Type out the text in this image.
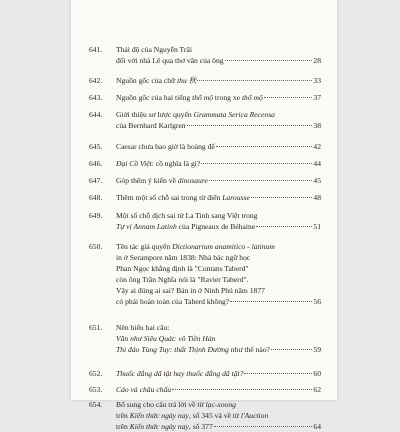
641. Thái độ của Nguyễn Trãi
đối với nhà Lê qua thơ văn của ông	28
642. Nguồn gốc của chữ thu 秋	33
643. Nguồn gốc của hai tiếng thổ mộ trong xe thổ mộ	37
644. Giới thiệu sơ lược quyển Grammata Serica Recensa
của Bernhard Karlgren	38
645. Caesar chưa bao giờ là hoàng đế	42
646. Đại Cồ Việt: cồ nghĩa là gì?	44
647. Góp thêm ý kiến về dinosaure	45
648. Thêm một số chỗ sai trong từ điển Larousse	48
649. Một số chỗ dịch sai từ La Tinh sang Việt trong
Tự vị Annam Latinh của Pigneaux de Béhaine	51
650. Tên tác giả quyển Dictionarium anamitico - latinum
in ở Serampore năm 1838: Nhà bác ngữ học
Phan Ngọc khẳng định là "Contans Taberd"
còn ông Trần Nghĩa nói là "Ravier Taberd".
Vậy ai đúng ai sai? Bản in ở Ninh Phú năm 1877
có phải hoàn toàn của Taberd không?	56
651. Nên hiểu hai câu:
Văn như Siêu Quát: vô Tiền Hán
Thi đáo Tùng Tuy: thất Thịnh Đường như thế nào?	59
652. Thuốc đắng dã tật hay thuốc đắng dã tật?	60
653. Cáo và châu chấu	62
654. Bổ sung cho câu trả lời về từ lạc-xoong
trên Kiến thức ngày nay, số 345 và về từ l'Auction
trên Kiến thức ngày nay, số 377	64
